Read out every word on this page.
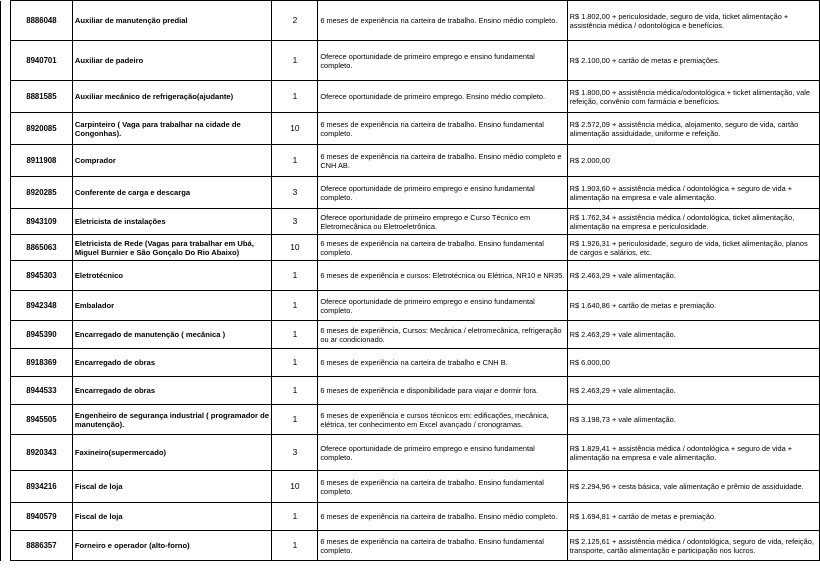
	8886048	Auxiliar de manutenção predial	2	6 meses de experiência na carteira de trabalho. Ensino médio completo.	R$ 1.802,00 + periculosidade, seguro de vida, ticket alimentação + assistência médica / odontológica e benefícios.
	8940701	Auxiliar de padeiro	1	Oferece oportunidade de primeiro emprego e ensino fundamental completo.	R$ 2.100,00 + cartão de metas e premiações.
	8881585	Auxiliar mecânico de refrigeração(ajudante)	1	Oferece oportunidade de primeiro emprego. Ensino médio completo.	R$ 1.800,00 + assistência médica/odontológica + ticket alimentação, vale refeição, convênio com farmácia e benefícios.
	8920085	Carpinteiro ( Vaga para trabalhar na cidade de Congonhas).	10	6 meses de experiência na carteira de trabalho. Ensino fundamental completo.	R$ 2.572,09 + assistência médica, alojamento, seguro de vida, cartão alimentação assiduidade, uniforme e refeição.
	8911908	Comprador	1	6 meses de experiência na carteira de trabalho. Ensino médio completo e CNH AB.	R$ 2.000,00
	8920285	Conferente de carga e descarga	3	Oferece oportunidade de primeiro emprego e ensino fundamental completo.	R$ 1.903,60 + assistência médica / odontológica + seguro de vida + alimentação na empresa e vale alimentação.
	8943109	Eletricista de instalações	3	Oferece oportunidade de primeiro emprego e Curso Técnico em Eletromecânica ou Eletroeletrônica.	R$ 1.762,34 + assistência médica / odontológica, ticket alimentação, alimentação na empresa e periculosidade.
	8865063	Eletricista de Rede (Vagas para trabalhar em Ubá, Miguel Burnier e São Gonçalo Do Rio Abaixo)	10	6 meses de experiência na carteira de trabalho. Ensino fundamental completo.	R$ 1.926,31 + periculosidade, seguro de vida, ticket alimentação, planos de cargos e salários, etc.
	8945303	Eletrotécnico	1	6 meses de experiência e cursos: Eletrotécnica ou Elétrica, NR10 e NR35.	R$ 2.463,29 + vale alimentação.
	8942348	Embalador	1	Oferece oportunidade de primeiro emprego e ensino fundamental completo.	R$ 1.640,86 + cartão de metas e premiação.
	8945390	Encarregado de manutenção ( mecânica )	1	6 meses de experiência, Cursos: Mecânica / eletromecânica, refrigeração ou ar condicionado.	R$ 2.463,29 + vale alimentação.
	8918369	Encarregado de obras	1	6 meses de experiência na carteira de trabalho e CNH B.	R$ 6.000,00
	8944533	Encarregado de obras	1	6 meses de experiência e disponibilidade para viajar e dormir fora.	R$ 2.463,29 + vale alimentação.
	8945505	Engenheiro de segurança industrial ( programador de manutenção).	1	6 meses de experiência e cursos técnicos em: edificações, mecânica, elétrica, ter conhecimento em Excel avançado / cronogramas.	R$ 3.198,73 + vale alimentação.
	8920343	Faxineiro(supermercado)	3	Oferece oportunidade de primeiro emprego e ensino fundamental completo.	R$ 1.829,41 + assistência médica / odontológica + seguro de vida + alimentação na empresa e vale alimentação.
	8934216	Fiscal de loja	10	6 meses de experiência na carteira de trabalho. Ensino fundamental completo.	R$ 2.294,96 + cesta básica, vale alimentação e prêmio de assiduidade.
	8940579	Fiscal de loja	1	6 meses de experiência na carteira de trabalho. Ensino médio completo.	R$ 1.694,81 + cartão de metas e premiação.
	8886357	Forneiro e operador (alto-forno)	1	6 meses de experiência na carteira de trabalho. Ensino fundamental completo.	R$ 2.125,61 + assistência médica / odontológica, seguro de vida, refeição, transporte, cartão alimentação e participação nos lucros.
